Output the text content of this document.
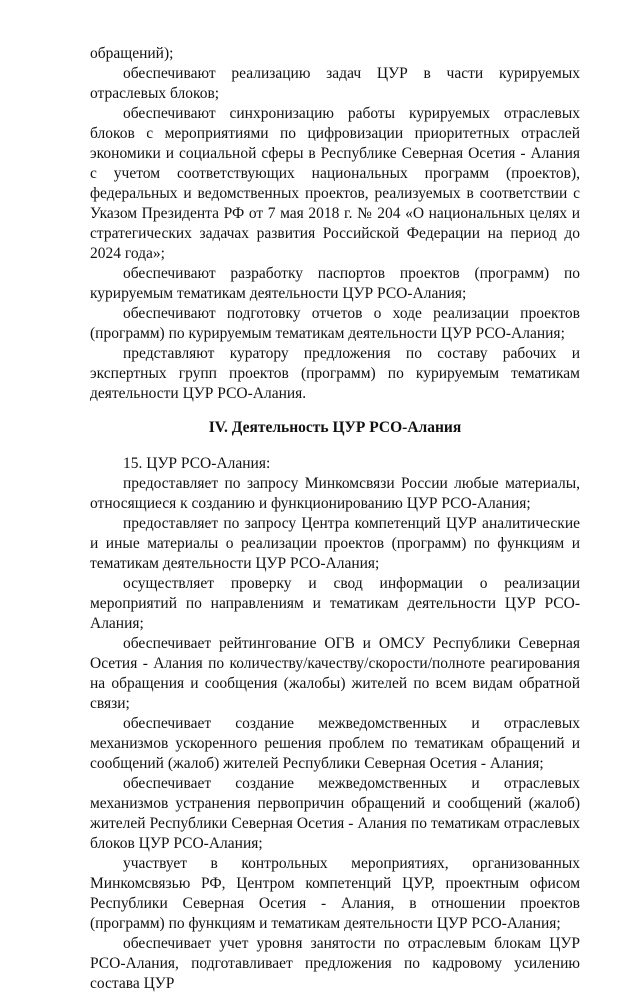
обращений);

обеспечивают реализацию задач ЦУР в части курируемых отраслевых блоков;

обеспечивают синхронизацию работы курируемых отраслевых блоков с мероприятиями по цифровизации приоритетных отраслей экономики и социальной сферы в Республике Северная Осетия - Алания с учетом соответствующих национальных программ (проектов), федеральных и ведомственных проектов, реализуемых в соответствии с Указом Президента РФ от 7 мая 2018 г. № 204 «О национальных целях и стратегических задачах развития Российской Федерации на период до 2024 года»;

обеспечивают разработку паспортов проектов (программ) по курируемым тематикам деятельности ЦУР РСО-Алания;

обеспечивают подготовку отчетов о ходе реализации проектов (программ) по курируемым тематикам деятельности ЦУР РСО-Алания;

представляют куратору предложения по составу рабочих и экспертных групп проектов (программ) по курируемым тематикам деятельности ЦУР РСО-Алания.

IV. Деятельность ЦУР РСО-Алания

15. ЦУР РСО-Алания:

предоставляет по запросу Минкомсвязи России любые материалы, относящиеся к созданию и функционированию ЦУР РСО-Алания;

предоставляет по запросу Центра компетенций ЦУР аналитические и иные материалы о реализации проектов (программ) по функциям и тематикам деятельности ЦУР РСО-Алания;

осуществляет проверку и свод информации о реализации мероприятий по направлениям и тематикам деятельности ЦУР РСО-Алания;

обеспечивает рейтингование ОГВ и ОМСУ Республики Северная Осетия - Алания по количеству/качеству/скорости/полноте реагирования на обращения и сообщения (жалобы) жителей по всем видам обратной связи;

обеспечивает создание межведомственных и отраслевых механизмов ускоренного решения проблем по тематикам обращений и сообщений (жалоб) жителей Республики Северная Осетия - Алания;

обеспечивает создание межведомственных и отраслевых механизмов устранения первопричин обращений и сообщений (жалоб) жителей Республики Северная Осетия - Алания по тематикам отраслевых блоков ЦУР РСО-Алания;

участвует в контрольных мероприятиях, организованных Минкомсвязью РФ, Центром компетенций ЦУР, проектным офисом Республики Северная Осетия - Алания, в отношении проектов (программ) по функциям и тематикам деятельности ЦУР РСО-Алания;

обеспечивает учет уровня занятости по отраслевым блокам ЦУР РСО-Алания, подготавливает предложения по кадровому усилению состава ЦУР
